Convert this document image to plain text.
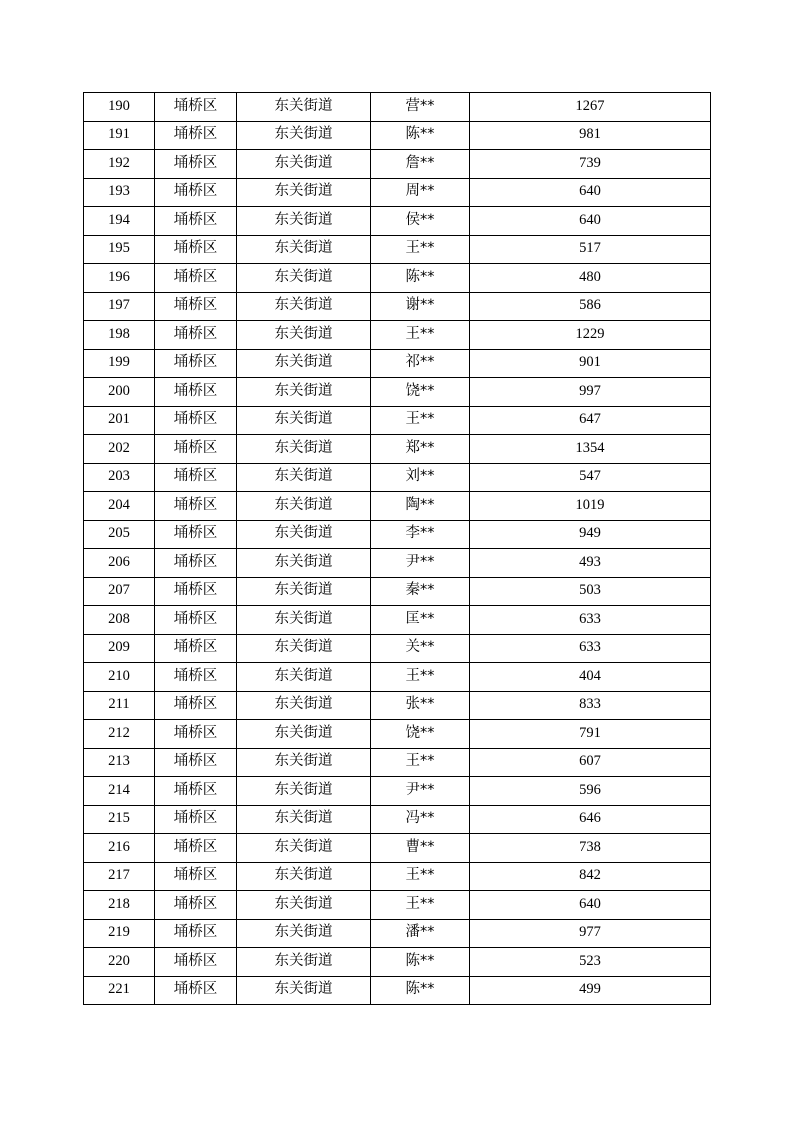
190	埇桥区	东关街道	营**	1267
191	埇桥区	东关街道	陈**	981
192	埇桥区	东关街道	詹**	739
193	埇桥区	东关街道	周**	640
194	埇桥区	东关街道	侯**	640
195	埇桥区	东关街道	王**	517
196	埇桥区	东关街道	陈**	480
197	埇桥区	东关街道	谢**	586
198	埇桥区	东关街道	王**	1229
199	埇桥区	东关街道	祁**	901
200	埇桥区	东关街道	饶**	997
201	埇桥区	东关街道	王**	647
202	埇桥区	东关街道	郑**	1354
203	埇桥区	东关街道	刘**	547
204	埇桥区	东关街道	陶**	1019
205	埇桥区	东关街道	李**	949
206	埇桥区	东关街道	尹**	493
207	埇桥区	东关街道	秦**	503
208	埇桥区	东关街道	匡**	633
209	埇桥区	东关街道	关**	633
210	埇桥区	东关街道	王**	404
211	埇桥区	东关街道	张**	833
212	埇桥区	东关街道	饶**	791
213	埇桥区	东关街道	王**	607
214	埇桥区	东关街道	尹**	596
215	埇桥区	东关街道	冯**	646
216	埇桥区	东关街道	曹**	738
217	埇桥区	东关街道	王**	842
218	埇桥区	东关街道	王**	640
219	埇桥区	东关街道	潘**	977
220	埇桥区	东关街道	陈**	523
221	埇桥区	东关街道	陈**	499
